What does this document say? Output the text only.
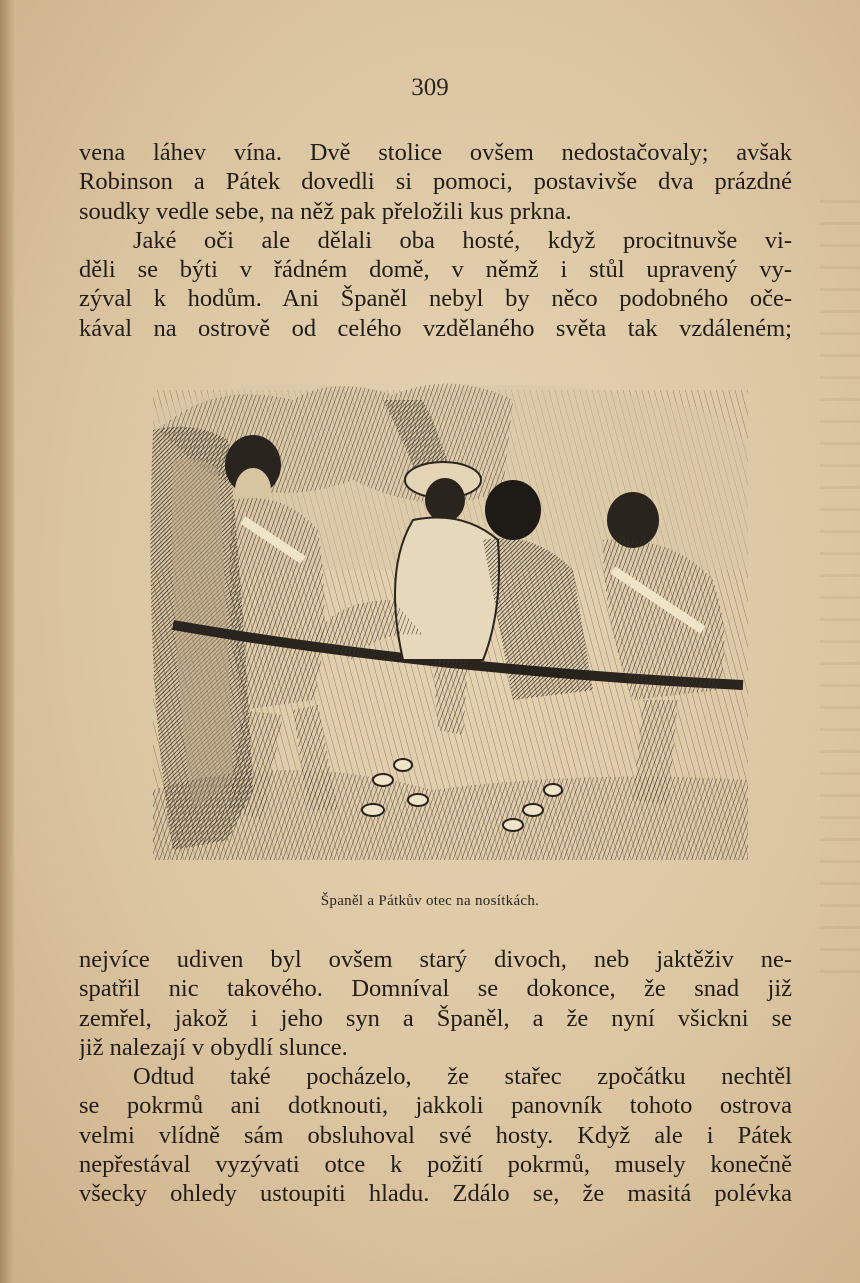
309
vena láhev vína. Dvě stolice ovšem nedostačovaly; avšak
Robinson a Pátek dovedli si pomoci, postavivše dva prázdné
soudky vedle sebe, na něž pak přeložili kus prkna.
Jaké oči ale dělali oba hosté, když procitnuvše vi-
děli se býti v řádném domě, v němž i stůl upravený vy-
zýval k hodům. Ani Španěl nebyl by něco podobného oče-
kával na ostrově od celého vzdělaného světa tak vzdáleném;
Španěl a Pátkův otec na nosítkách.
nejvíce udiven byl ovšem starý divoch, neb jaktěživ ne-
spatřil nic takového. Domníval se dokonce, že snad již
zemřel, jakož i jeho syn a Španěl, a že nyní všickni se
již nalezají v obydlí slunce.
Odtud také pocházelo, že stařec zpočátku nechtěl
se pokrmů ani dotknouti, jakkoli panovník tohoto ostrova
velmi vlídně sám obsluhoval své hosty. Když ale i Pátek
nepřestával vyzývati otce k požití pokrmů, musely konečně
všecky ohledy ustoupiti hladu. Zdálo se, že masitá polévka
